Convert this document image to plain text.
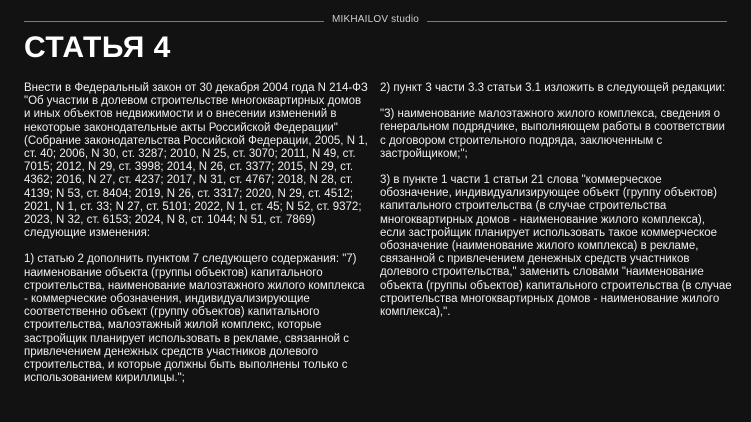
MIKHAILOV studio
СТАТЬЯ 4

Внести в Федеральный закон от 30 декабря 2004 года N 214-ФЗ "Об участии в долевом строительстве многоквартирных домов и иных объектов недвижимости и о внесении изменений в некоторые законодательные акты Российской Федерации" (Собрание законодательства Российской Федерации, 2005, N 1, ст. 40; 2006, N 30, ст. 3287; 2010, N 25, ст. 3070; 2011, N 49, ст. 7015; 2012, N 29, ст. 3998; 2014, N 26, ст. 3377; 2015, N 29, ст. 4362; 2016, N 27, ст. 4237; 2017, N 31, ст. 4767; 2018, N 28, ст. 4139; N 53, ст. 8404; 2019, N 26, ст. 3317; 2020, N 29, ст. 4512; 2021, N 1, ст. 33; N 27, ст. 5101; 2022, N 1, ст. 45; N 52, ст. 9372; 2023, N 32, ст. 6153; 2024, N 8, ст. 1044; N 51, ст. 7869) следующие изменения:

1) статью 2 дополнить пунктом 7 следующего содержания: "7) наименование объекта (группы объектов) капитального строительства, наименование малоэтажного жилого комплекса - коммерческие обозначения, индивидуализирующие соответственно объект (группу объектов) капитального строительства, малоэтажный жилой комплекс, которые застройщик планирует использовать в рекламе, связанной с привлечением денежных средств участников долевого строительства, и которые должны быть выполнены только с использованием кириллицы.";

2) пункт 3 части 3.3 статьи 3.1 изложить в следующей редакции:

"3) наименование малоэтажного жилого комплекса, сведения о генеральном подрядчике, выполняющем работы в соответствии с договором строительного подряда, заключенным с застройщиком;";

3) в пункте 1 части 1 статьи 21 слова "коммерческое обозначение, индивидуализирующее объект (группу объектов) капитального строительства (в случае строительства многоквартирных домов - наименование жилого комплекса), если застройщик планирует использовать такое коммерческое обозначение (наименование жилого комплекса) в рекламе, связанной с привлечением денежных средств участников долевого строительства," заменить словами "наименование объекта (группы объектов) капитального строительства (в случае строительства многоквартирных домов - наименование жилого комплекса),".
